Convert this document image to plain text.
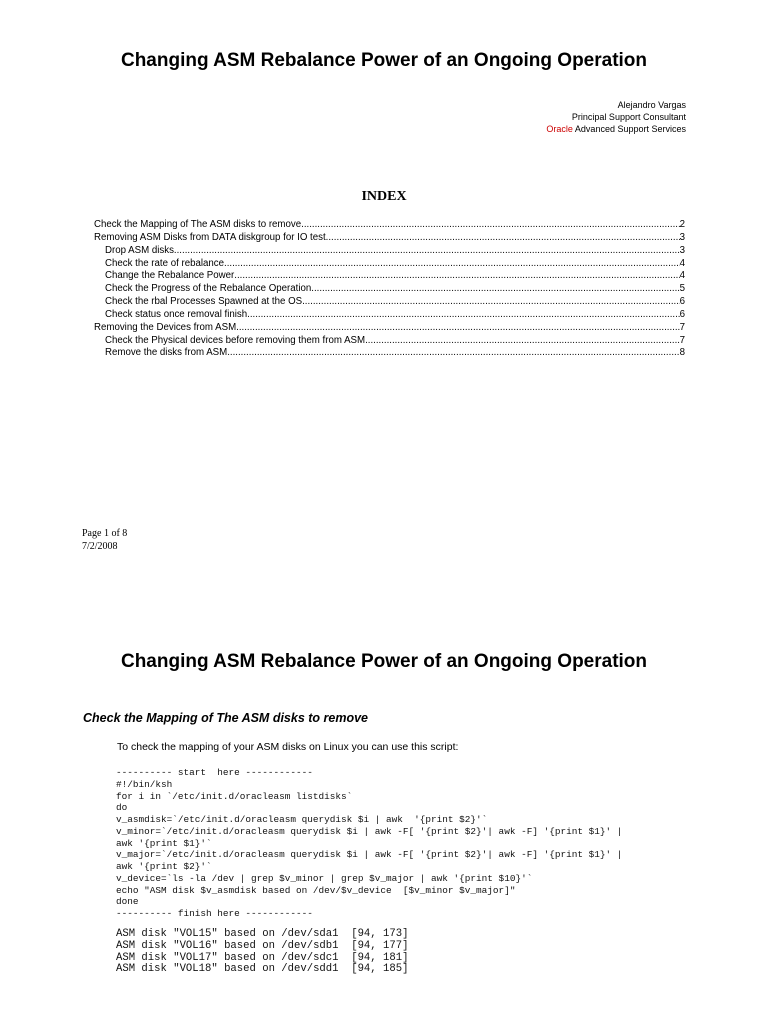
Changing ASM Rebalance Power of an Ongoing Operation
Alejandro Vargas
Principal Support Consultant
Oracle Advanced Support Services
INDEX
Check the Mapping of The ASM disks to remove .....	2
Removing ASM Disks from DATA diskgroup for IO test .....	3
Drop ASM disks .....	3
Check the rate of rebalance .....	4
Change the Rebalance Power .....	4
Check the Progress of the Rebalance Operation .....	5
Check the rbal Processes Spawned at the OS .....	6
Check status once removal finish .....	6
Removing the Devices from ASM .....	7
Check the Physical devices before removing them from ASM .....	7
Remove the disks from ASM .....	8
Page 1 of 8
7/2/2008
Changing ASM Rebalance Power of an Ongoing Operation
Check the Mapping of The ASM disks to remove

To check the mapping of your ASM disks on Linux you can use this script:

---------- start  here ------------
#!/bin/ksh
for i in `/etc/init.d/oracleasm listdisks`
do
v_asmdisk=`/etc/init.d/oracleasm querydisk $i | awk  '{print $2}'`
v_minor=`/etc/init.d/oracleasm querydisk $i | awk -F[ '{print $2}'| awk -F] '{print $1}' |
awk '{print $1}'`
v_major=`/etc/init.d/oracleasm querydisk $i | awk -F[ '{print $2}'| awk -F] '{print $1}' |
awk '{print $2}'`
v_device=`ls -la /dev | grep $v_minor | grep $v_major | awk '{print $10}'`
echo "ASM disk $v_asmdisk based on /dev/$v_device  [$v_minor $v_major]"
done
---------- finish here ------------
ASM disk "VOL15" based on /dev/sda1  [94, 173]
ASM disk "VOL16" based on /dev/sdb1  [94, 177]
ASM disk "VOL17" based on /dev/sdc1  [94, 181]
ASM disk "VOL18" based on /dev/sdd1  [94, 185]
